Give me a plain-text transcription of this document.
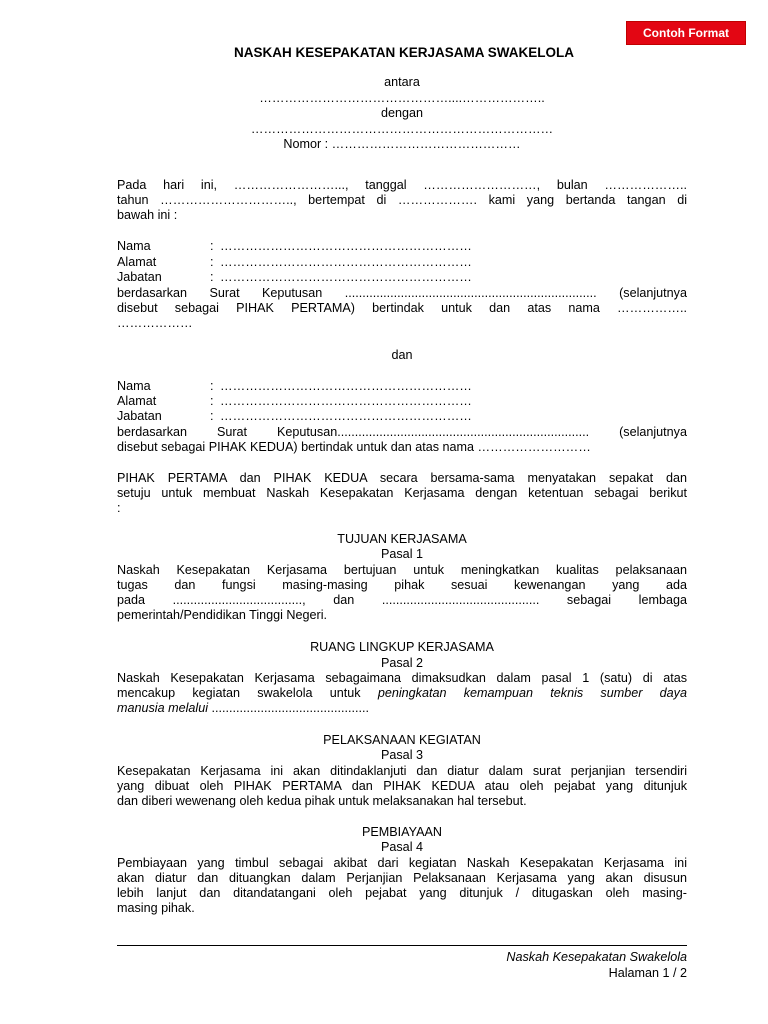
Contoh Format
NASKAH KESEPAKATAN KERJASAMA SWAKELOLA
antara
………………………………………....………………..
dengan
………………………………………………………………
Nomor : ………………………………………
Pada hari ini, ……………………..., tanggal ………………………, bulan ………………..
tahun ………………………….., bertempat di ………………. kami yang bertanda tangan di
bawah ini :
Nama	: ……………………………………………………
Alamat	: ……………………………………………………
Jabatan	: ……………………………………………………
berdasarkan Surat Keputusan ........................................................................ (selanjutnya
disebut sebagai PIHAK PERTAMA) bertindak untuk dan atas nama ……………..
………………
dan
Nama	: ……………………………………………………
Alamat	: ……………………………………………………
Jabatan	: ……………………………………………………
berdasarkan Surat Keputusan........................................................................ (selanjutnya
disebut sebagai PIHAK KEDUA) bertindak untuk dan atas nama ………………………
PIHAK PERTAMA dan PIHAK KEDUA secara bersama-sama menyatakan sepakat dan
setuju untuk membuat Naskah Kesepakatan Kerjasama dengan ketentuan sebagai berikut
:
TUJUAN KERJASAMA
Pasal 1
Naskah Kesepakatan Kerjasama bertujuan untuk meningkatkan kualitas pelaksanaan
tugas dan fungsi masing-masing pihak sesuai kewenangan yang ada
pada ....................................., dan ............................................. sebagai lembaga
pemerintah/Pendidikan Tinggi Negeri.
RUANG LINGKUP KERJASAMA
Pasal 2
Naskah Kesepakatan Kerjasama sebagaimana dimaksudkan dalam pasal 1 (satu) di atas
mencakup kegiatan swakelola untuk peningkatan kemampuan teknis sumber daya
manusia melalui .............................................
PELAKSANAAN KEGIATAN
Pasal 3
Kesepakatan Kerjasama ini akan ditindaklanjuti dan diatur dalam surat perjanjian tersendiri
yang dibuat oleh PIHAK PERTAMA dan PIHAK KEDUA atau oleh pejabat yang ditunjuk
dan diberi wewenang oleh kedua pihak untuk melaksanakan hal tersebut.
PEMBIAYAAN
Pasal 4
Pembiayaan yang timbul sebagai akibat dari kegiatan Naskah Kesepakatan Kerjasama ini
akan diatur dan dituangkan dalam Perjanjian Pelaksanaan Kerjasama yang akan disusun
lebih lanjut dan ditandatangani oleh pejabat yang ditunjuk / ditugaskan oleh masing-
masing pihak.
Naskah Kesepakatan Swakelola
Halaman 1 / 2
